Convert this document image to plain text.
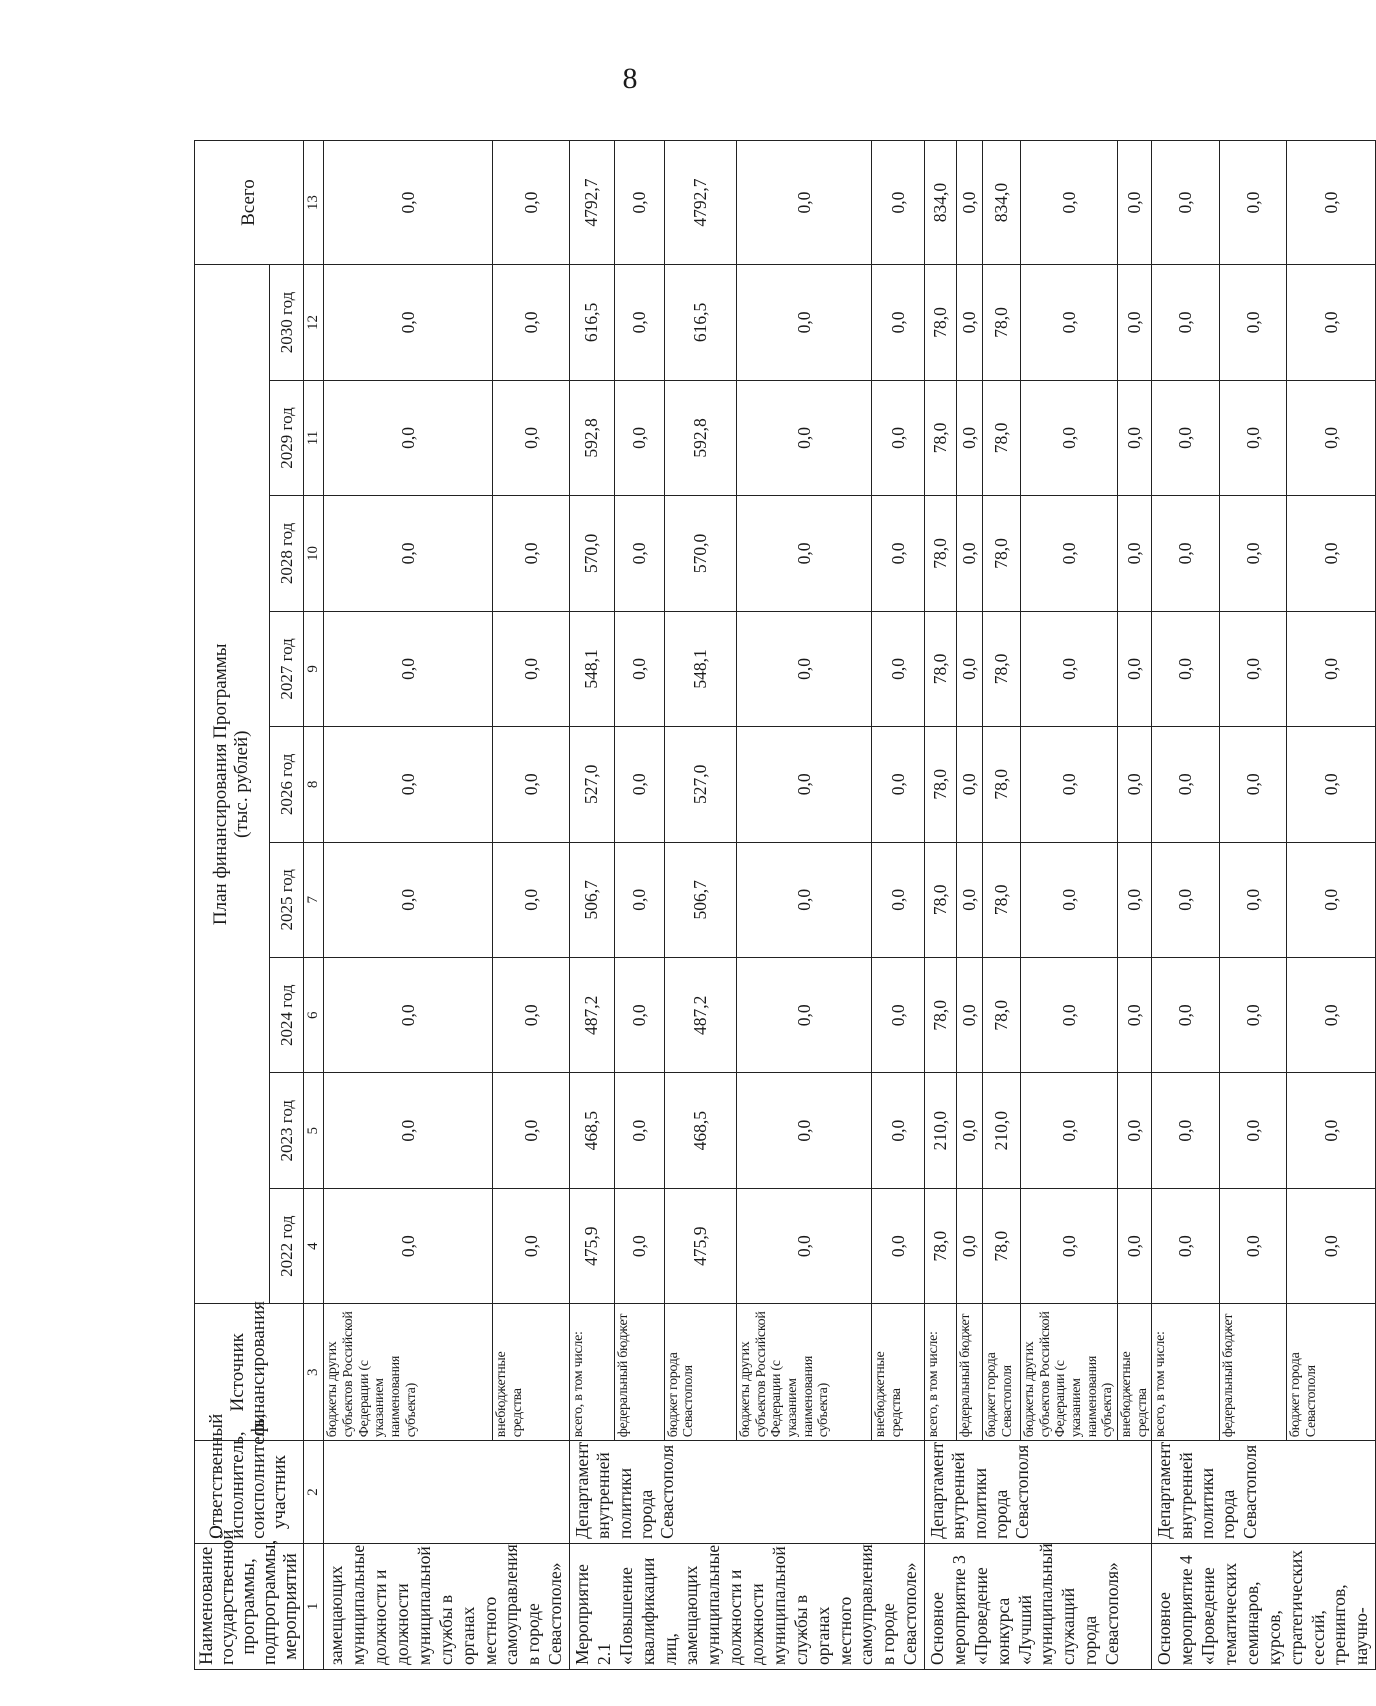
8
Наименование государственной программы, подпрограммы, мероприятий	Ответственный исполнитель, соисполнитель, участник	Источник финансирования	План финансирования Программы (тыс. рублей)									Всего
			2022 год	2023 год	2024 год	2025 год	2026 год	2027 год	2028 год	2029 год	2030 год	
1	2	3	4	5	6	7	8	9	10	11	12	13
замещающих муниципальные должности и должности муниципальной службы в органах местного самоуправления в городе Севастополе»		бюджеты других субъектов Российской Федерации (с указанием наименования субъекта)	0,0	0,0	0,0	0,0	0,0	0,0	0,0	0,0	0,0	0,0
		внебюджетные средства	0,0	0,0	0,0	0,0	0,0	0,0	0,0	0,0	0,0	0,0
Мероприятие 2.1 «Повышение квалификации лиц, замещающих муниципальные должности и должности муниципальной службы в органах местного самоуправления в городе Севастополе»	Департамент внутренней политики города Севастополя	всего, в том числе:	475,9	468,5	487,2	506,7	527,0	548,1	570,0	592,8	616,5	4792,7
		федеральный бюджет	0,0	0,0	0,0	0,0	0,0	0,0	0,0	0,0	0,0	0,0
		бюджет города Севастополя	475,9	468,5	487,2	506,7	527,0	548,1	570,0	592,8	616,5	4792,7
		бюджеты других субъектов Российской Федерации (с указанием наименования субъекта)	0,0	0,0	0,0	0,0	0,0	0,0	0,0	0,0	0,0	0,0
		внебюджетные средства	0,0	0,0	0,0	0,0	0,0	0,0	0,0	0,0	0,0	0,0
Основное мероприятие 3 «Проведение конкурса «Лучший муниципальный служащий города Севастополя»	Департамент внутренней политики города Севастополя	всего, в том числе:	78,0	210,0	78,0	78,0	78,0	78,0	78,0	78,0	78,0	834,0
		федеральный бюджет	0,0	0,0	0,0	0,0	0,0	0,0	0,0	0,0	0,0	0,0
		бюджет города Севастополя	78,0	210,0	78,0	78,0	78,0	78,0	78,0	78,0	78,0	834,0
		бюджеты других субъектов Российской Федерации (с указанием наименования субъекта)	0,0	0,0	0,0	0,0	0,0	0,0	0,0	0,0	0,0	0,0
		внебюджетные средства	0,0	0,0	0,0	0,0	0,0	0,0	0,0	0,0	0,0	0,0
Основное мероприятие 4 «Проведение тематических семинаров, курсов, стратегических сессий, тренингов, научно-	Департамент внутренней политики города Севастополя	всего, в том числе:	0,0	0,0	0,0	0,0	0,0	0,0	0,0	0,0	0,0	0,0
		федеральный бюджет	0,0	0,0	0,0	0,0	0,0	0,0	0,0	0,0	0,0	0,0
		бюджет города Севастополя	0,0	0,0	0,0	0,0	0,0	0,0	0,0	0,0	0,0	0,0
